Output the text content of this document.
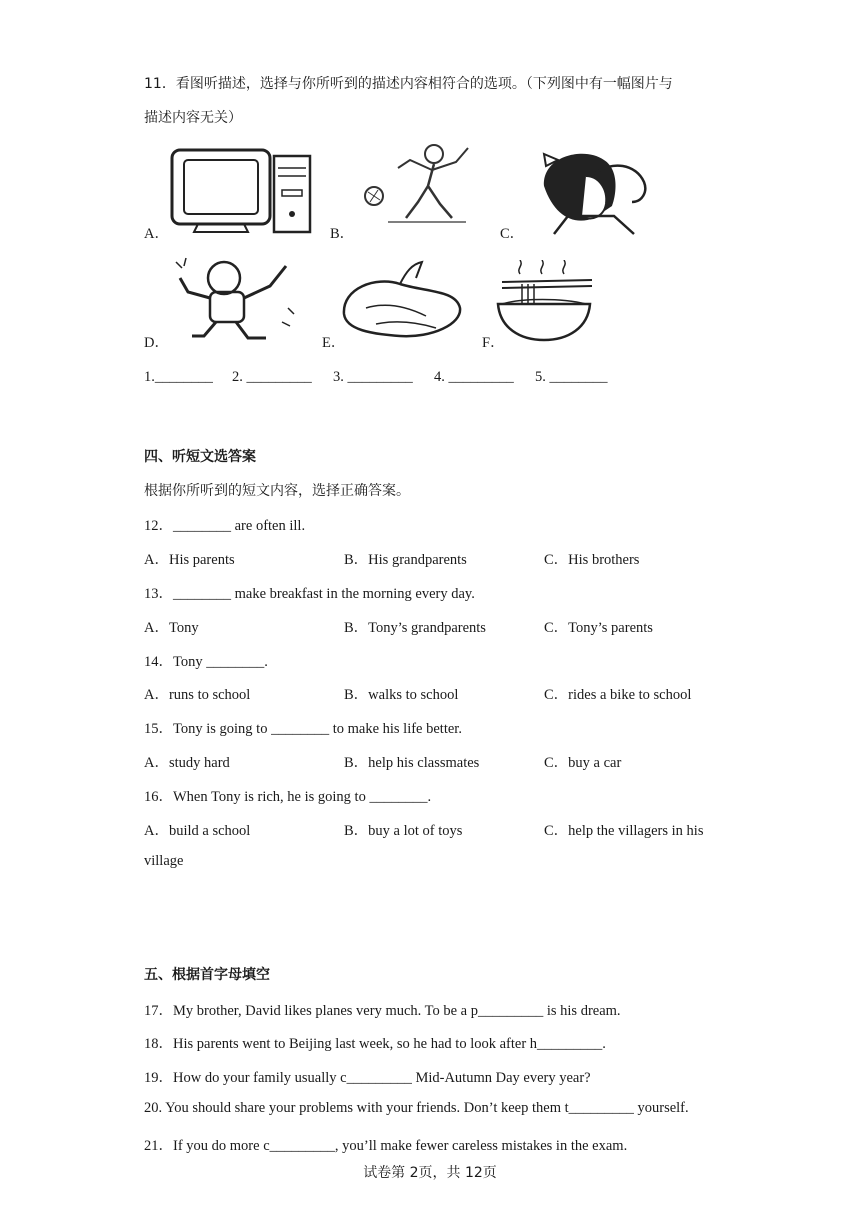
11．看图听描述，选择与你所听到的描述内容相符合的选项。（下列图中有一幅图片与
描述内容无关）
A．	B．	C．
D．	E．	F．
1.________ 2. _________ 3. _________ 4. _________ 5. ________
四、听短文选答案
根据你所听到的短文内容，选择正确答案。
12．________ are often ill.
A．His parents	B．His grandparents	C．His brothers
13．________ make breakfast in the morning every day.
A．Tony	B．Tony’s grandparents	C．Tony’s parents
14．Tony ________.
A．runs to school	B．walks to school	C．rides a bike to school
15．Tony is going to ________ to make his life better.
A．study hard	B．help his classmates	C．buy a car
16．When Tony is rich, he is going to ________.
A．build a school	B．buy a lot of toys	C．help the villagers in his
village
五、根据首字母填空
17．My brother, David likes planes very much. To be a p_________ is his dream.
18．His parents went to Beijing last week, so he had to look after h_________.
19．How do your family usually c_________ Mid-Autumn Day every year?
20. You should share your problems with your friends. Don’t keep them t_________ yourself.
21．If you do more c_________, you’ll make fewer careless mistakes in the exam.
试卷第 2页，共 12页
